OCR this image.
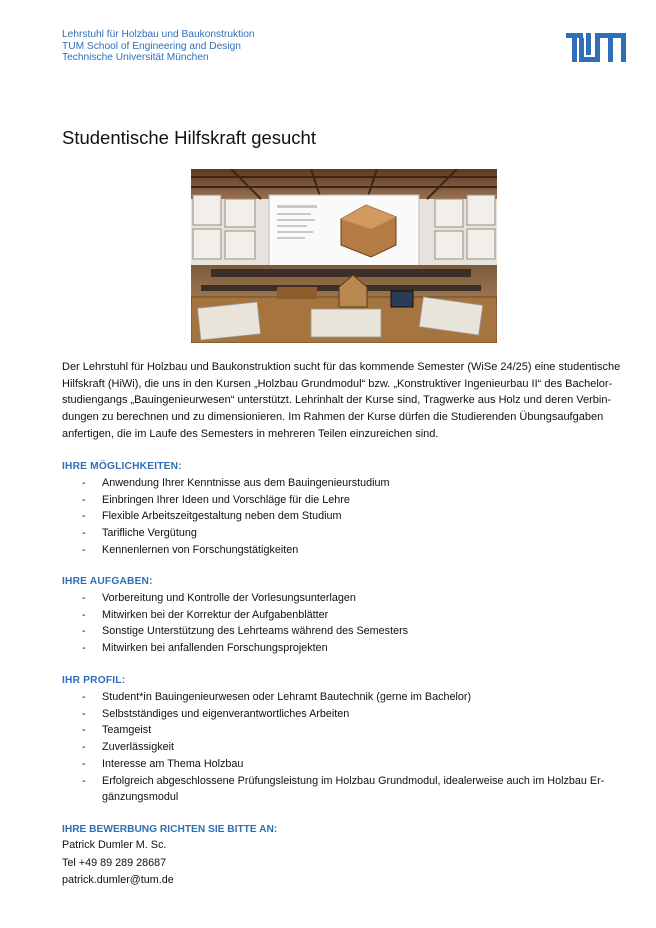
Lehrstuhl für Holzbau und Baukonstruktion
TUM School of Engineering and Design
Technische Universität München
Studentische Hilfskraft gesucht
Der Lehrstuhl für Holzbau und Baukonstruktion sucht für das kommende Semester (WiSe 24/25) eine studentische
Hilfskraft (HiWi), die uns in den Kursen „Holzbau Grundmodul“ bzw. „Konstruktiver Ingenieurbau II“ des Bachelor-
studiengangs „Bauingenieurwesen“ unterstützt. Lehrinhalt der Kurse sind, Tragwerke aus Holz und deren Verbin-
dungen zu berechnen und zu dimensionieren. Im Rahmen der Kurse dürfen die Studierenden Übungsaufgaben
anfertigen, die im Laufe des Semesters in mehreren Teilen einzureichen sind.
IHRE MÖGLICHKEITEN:
- Anwendung Ihrer Kenntnisse aus dem Bauingenieurstudium
- Einbringen Ihrer Ideen und Vorschläge für die Lehre
- Flexible Arbeitszeitgestaltung neben dem Studium
- Tarifliche Vergütung
- Kennenlernen von Forschungstätigkeiten
IHRE AUFGABEN:
- Vorbereitung und Kontrolle der Vorlesungsunterlagen
- Mitwirken bei der Korrektur der Aufgabenblätter
- Sonstige Unterstützung des Lehrteams während des Semesters
- Mitwirken bei anfallenden Forschungsprojekten
IHR PROFIL:
- Student*in Bauingenieurwesen oder Lehramt Bautechnik (gerne im Bachelor)
- Selbstständiges und eigenverantwortliches Arbeiten
- Teamgeist
- Zuverlässigkeit
- Interesse am Thema Holzbau
- Erfolgreich abgeschlossene Prüfungsleistung im Holzbau Grundmodul, idealerweise auch im Holzbau Er-
gänzungsmodul
IHRE BEWERBUNG RICHTEN SIE BITTE AN:
Patrick Dumler M. Sc.
Tel +49 89 289 28687
patrick.dumler@tum.de
